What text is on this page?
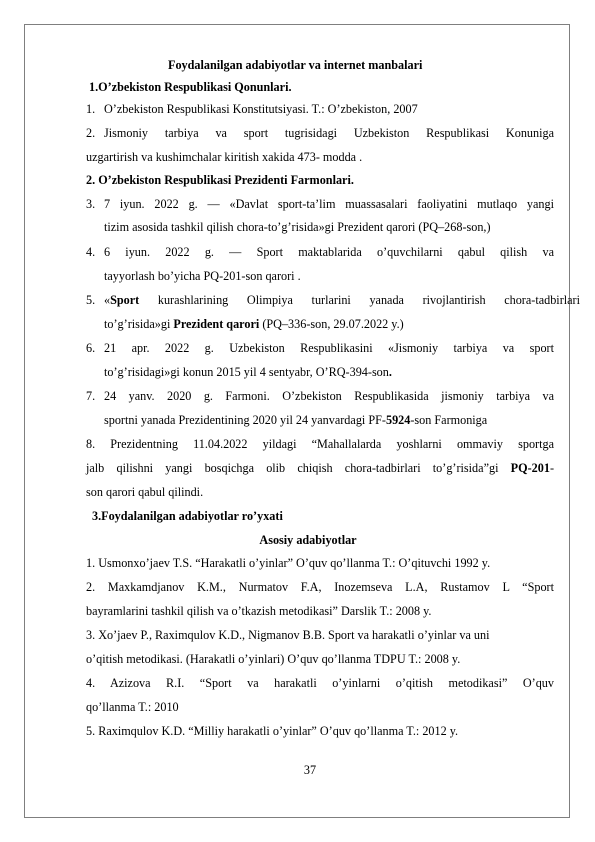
Foydalanilgan adabiyotlar va internet manbalari
1.O’zbekiston Respublikasi Qonunlari.
1. O’zbekiston Respublikasi Konstitutsiyasi. T.: O’zbekiston, 2007
2. Jismoniy tarbiya va sport tugrisidagi Uzbekiston Respublikasi Konuniga
uzgartirish va kushimchalar kiritish xakida 473- modda .
2. O’zbekiston Respublikasi Prezidenti Farmonlari.
3. 7 iyun. 2022 g. — «Davlat sport-ta’lim muassasalari faoliyatini mutlaqo yangi
tizim asosida tashkil qilish chora-to’g’risida»gi Prezident qarori (PQ–268-son,)
4. 6 iyun. 2022 g. — Sport maktablarida o’quvchilarni qabul qilish va
tayyorlash bo’yicha PQ-201-son qarori .
5. «Sport kurashlarining Olimpiya turlarini yanada rivojlantirish chora-tadbirlari
to’g’risida»gi Prezident qarori (PQ–336-son, 29.07.2022 y.)
6. 21 apr. 2022 g. Uzbekiston Respublikasini «Jismoniy tarbiya va sport
to’g’risidagi»gi konun 2015 yil 4 sentyabr, O’RQ-394-son.
7. 24 yanv. 2020 g. Farmoni. O’zbekiston Respublikasida jismoniy tarbiya va
sportni yanada Prezidentining 2020 yil 24 yanvardagi PF-5924-son Farmoniga
8. Prezidentning 11.04.2022 yildagi “Mahallalarda yoshlarni ommaviy sportga
jalb qilishni yangi bosqichga olib chiqish chora-tadbirlari to’g’risida”gi PQ-201-
son qarori qabul qilindi.
3.Foydalanilgan adabiyotlar ro’yxati
Asosiy adabiyotlar
1. Usmonxo’jaev T.S. “Harakatli o’yinlar” O’quv qo’llanma T.: O’qituvchi 1992 y.
2. Maxkamdjanov K.M., Nurmatov F.A, Inozemseva L.A, Rustamov L “Sport
bayramlarini tashkil qilish va o’tkazish metodikasi” Darslik T.: 2008 y.
3. Xo’jaev P., Raximqulov K.D., Nigmanov B.B. Sport va harakatli o’yinlar va uni
o’qitish metodikasi. (Harakatli o’yinlari) O’quv qo’llanma TDPU T.: 2008 y.
4. Azizova R.I. “Sport va harakatli o’yinlarni o’qitish metodikasi” O’quv
qo’llanma T.: 2010
5. Raximqulov K.D. “Milliy harakatli o’yinlar” O’quv qo’llanma T.: 2012 y.
37
